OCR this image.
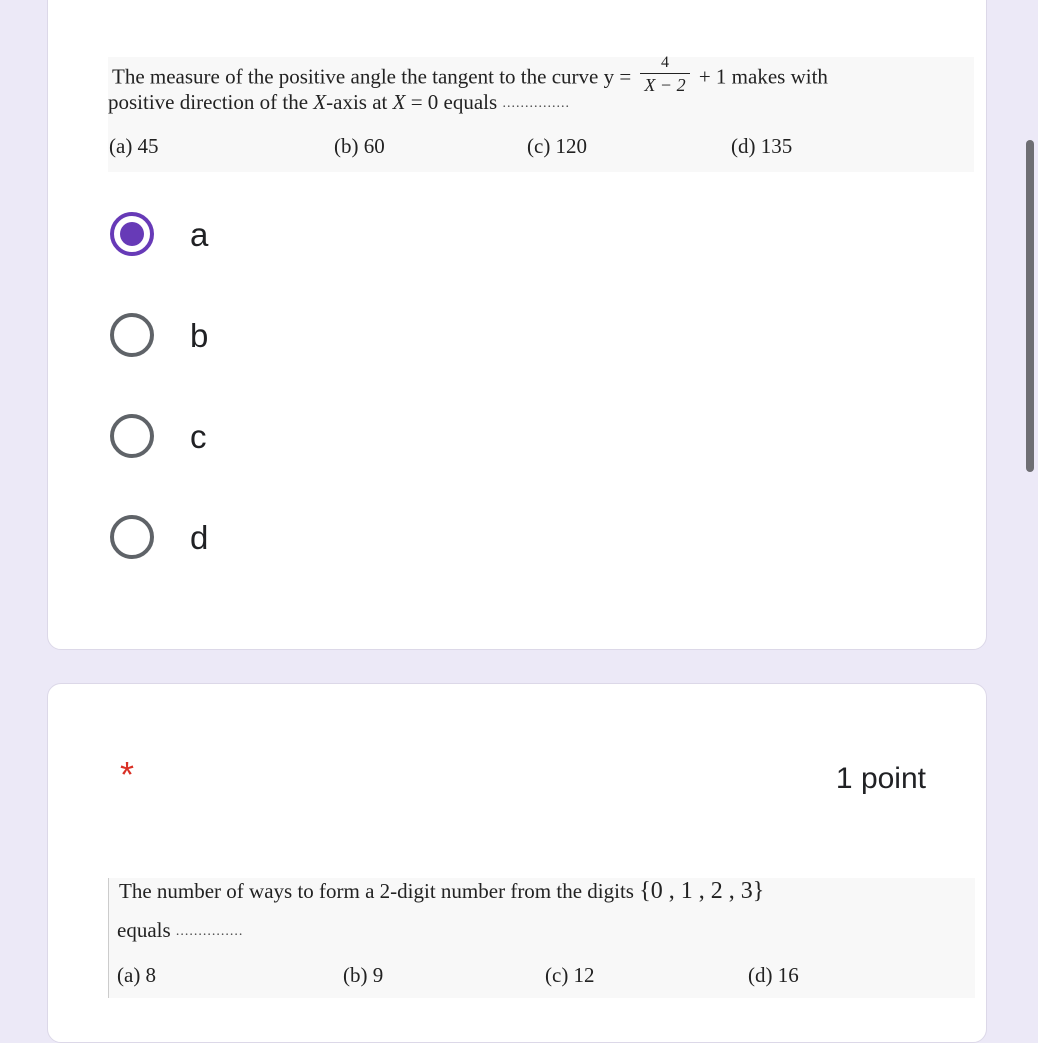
The measure of the positive angle the tangent to the curve $y = \frac{4}{X - 2} + 1$ makes with
positive direction of the X-axis at X = 0 equals ...............
(a) 45	(b) 60	(c) 120	(d) 135
a
b
c
d
*	1 point
The number of ways to form a 2-digit number from the digits {0 , 1 , 2 , 3}
equals ...............
(a) 8	(b) 9	(c) 12	(d) 16
